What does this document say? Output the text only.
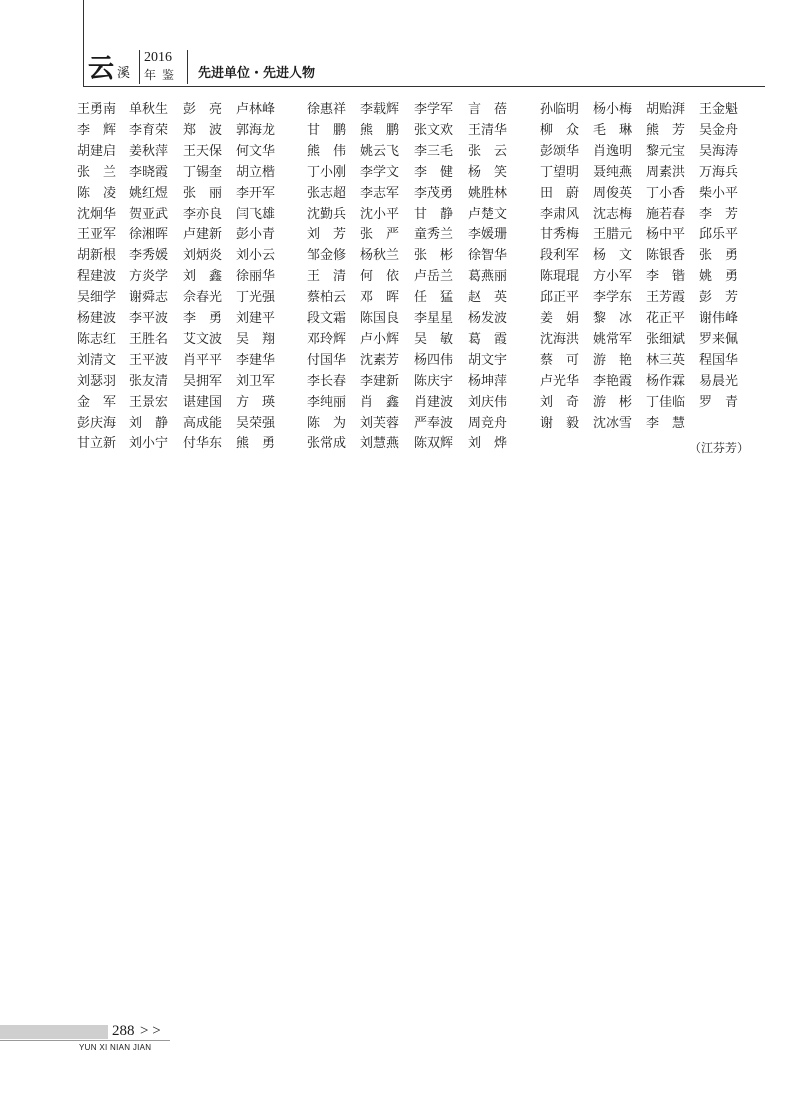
云 溪
2016
年鉴 先进单位・先进人物
王勇南 单秋生 彭　亮 卢林峰 徐惠祥 李载辉 李学军 言　蓓	孙临明 杨小梅 胡贻湃 王金魁
李　辉 李育荣 郑　波 郭海龙 甘　鹏 熊　鹏 张文欢 王清华	柳　众 毛　琳 熊　芳 吴金舟
胡建启 姜秋萍 王天保 何文华 熊　伟 姚云飞 李三毛 张　云	彭颂华 肖逸明 黎元宝 吴海涛
张　兰 李晓霞 丁锡奎 胡立楷 丁小刚 李学文 李　健 杨　笑	丁望明 聂纯燕 周素洪 万海兵
陈　凌 姚红煜 张　丽 李开军 张志超 李志军 李茂勇 姚胜林	田　蔚 周俊英 丁小香 柴小平
沈炯华 贺亚武 李亦良 闫飞雄 沈勤兵 沈小平 甘　静 卢楚文	李肃风 沈志梅 施若春 李　芳
王亚军 徐湘晖 卢建新 彭小青 刘　芳 张　严 童秀兰 李媛珊	甘秀梅 王腊元 杨中平 邱乐平
胡新根 李秀媛 刘炳炎 刘小云 邹金修 杨秋兰 张　彬 徐智华	段利军 杨　文 陈银香 张　勇
程建波 方炎学 刘　鑫 徐丽华 王　清 何　依 卢岳兰 葛燕丽	陈琨琨 方小军 李　锴 姚　勇
吴细学 谢舜志 佘春光 丁光强 蔡柏云 邓　晖 任　猛 赵　英	邱正平 李学东 王芳霞 彭　芳
杨建波 李平波 李　勇 刘建平 段文霜 陈国良 李星星 杨发波	姜　娟 黎　冰 花正平 谢伟峰
陈志红 王胜名 艾文波 吴　翔 邓玲辉 卢小辉 吴　敏 葛　霞	沈海洪 姚常军 张细斌 罗来佩
刘清文 王平波 肖平平 李建华 付国华 沈素芳 杨四伟 胡文宇	蔡　可 游　艳 林三英 程国华
刘瑟羽 张友清 吴拥军 刘卫军 李长春 李建新 陈庆宇 杨坤萍	卢光华 李艳霞 杨作霖 易晨光
金　军 王景宏 谌建国 方　瑛 李纯丽 肖　鑫 肖建波 刘庆伟	刘　奇 游　彬 丁佳临 罗　青
彭庆海 刘　静 高成能 吴荣强 陈　为 刘芙蓉 严奉波 周竞舟	谢　毅 沈冰雪 李　慧
甘立新 刘小宁 付华东 熊　勇 张常成 刘慧燕 陈双辉 刘　烨	（江芬芳）
288 > >
YUN XI NIAN JIAN
